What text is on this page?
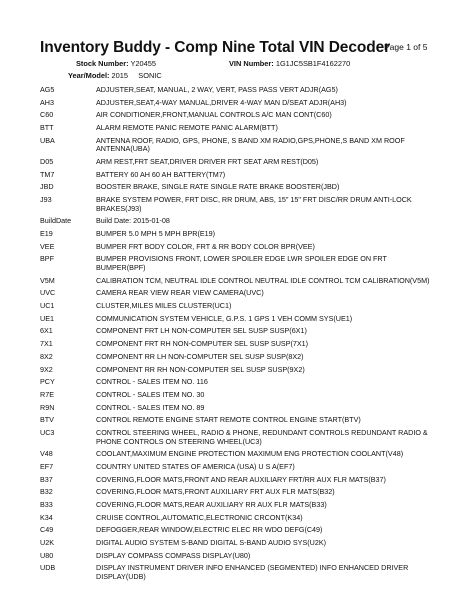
Inventory Buddy - Comp Nine Total VIN Decoder
Page 1 of 5
Stock Number: Y20455	VIN Number: 1G1JC5SB1F4162270
Year/Model: 2015 SONIC
AG5	ADJUSTER,SEAT, MANUAL, 2 WAY, VERT, PASS PASS VERT ADJR(AG5)
AH3	ADJUSTER,SEAT,4-WAY MANUAL,DRIVER 4-WAY MAN D/SEAT ADJR(AH3)
C60	AIR CONDITIONER,FRONT,MANUAL CONTROLS A/C MAN CONT(C60)
BTT	ALARM REMOTE PANIC REMOTE PANIC ALARM(BTT)
UBA	ANTENNA ROOF, RADIO, GPS, PHONE, S BAND XM RADIO,GPS,PHONE,S BAND XM ROOF ANTENNA(UBA)
D05	ARM REST,FRT SEAT,DRIVER DRIVER FRT SEAT ARM REST(D05)
TM7	BATTERY 60 AH 60 AH BATTERY(TM7)
JBD	BOOSTER BRAKE, SINGLE RATE SINGLE RATE BRAKE BOOSTER(JBD)
J93	BRAKE SYSTEM POWER, FRT DISC, RR DRUM, ABS, 15" 15" FRT DISC/RR DRUM ANTI-LOCK BRAKES(J93)
BuildDate	Build Date: 2015-01-08
E19	BUMPER 5.0 MPH 5 MPH BPR(E19)
VEE	BUMPER FRT BODY COLOR, FRT & RR BODY COLOR BPR(VEE)
BPF	BUMPER PROVISIONS FRONT, LOWER SPOILER EDGE LWR SPOILER EDGE ON FRT BUMPER(BPF)
V5M	CALIBRATION TCM, NEUTRAL IDLE CONTROL NEUTRAL IDLE CONTROL TCM CALIBRATION(V5M)
UVC	CAMERA REAR VIEW REAR VIEW CAMERA(UVC)
UC1	CLUSTER,MILES MILES CLUSTER(UC1)
UE1	COMMUNICATION SYSTEM VEHICLE, G.P.S. 1 GPS 1 VEH COMM SYS(UE1)
6X1	COMPONENT FRT LH NON-COMPUTER SEL SUSP SUSP(6X1)
7X1	COMPONENT FRT RH NON-COMPUTER SEL SUSP SUSP(7X1)
8X2	COMPONENT RR LH NON-COMPUTER SEL SUSP SUSP(8X2)
9X2	COMPONENT RR RH NON-COMPUTER SEL SUSP SUSP(9X2)
PCY	CONTROL - SALES ITEM NO. 116
R7E	CONTROL - SALES ITEM NO. 30
R9N	CONTROL - SALES ITEM NO. 89
BTV	CONTROL REMOTE ENGINE START REMOTE CONTROL ENGINE START(BTV)
UC3	CONTROL STEERING WHEEL, RADIO & PHONE, REDUNDANT CONTROLS REDUNDANT RADIO & PHONE CONTROLS ON STEERING WHEEL(UC3)
V48	COOLANT,MAXIMUM ENGINE PROTECTION MAXIMUM ENG PROTECTION COOLANT(V48)
EF7	COUNTRY UNITED STATES OF AMERICA (USA) U S A(EF7)
B37	COVERING,FLOOR MATS,FRONT AND REAR AUXILIARY FRT/RR AUX FLR MATS(B37)
B32	COVERING,FLOOR MATS,FRONT AUXILIARY FRT AUX FLR MATS(B32)
B33	COVERING,FLOOR MATS,REAR AUXILIARY RR AUX FLR MATS(B33)
K34	CRUISE CONTROL,AUTOMATIC,ELECTRONIC CRCONT(K34)
C49	DEFOGGER,REAR WINDOW,ELECTRIC ELEC RR WDO DEFG(C49)
U2K	DIGITAL AUDIO SYSTEM S-BAND DIGITAL S-BAND AUDIO SYS(U2K)
U80	DISPLAY COMPASS COMPASS DISPLAY(U80)
UDB	DISPLAY INSTRUMENT DRIVER INFO ENHANCED (SEGMENTED) INFO ENHANCED DRIVER DISPLAY(UDB)
